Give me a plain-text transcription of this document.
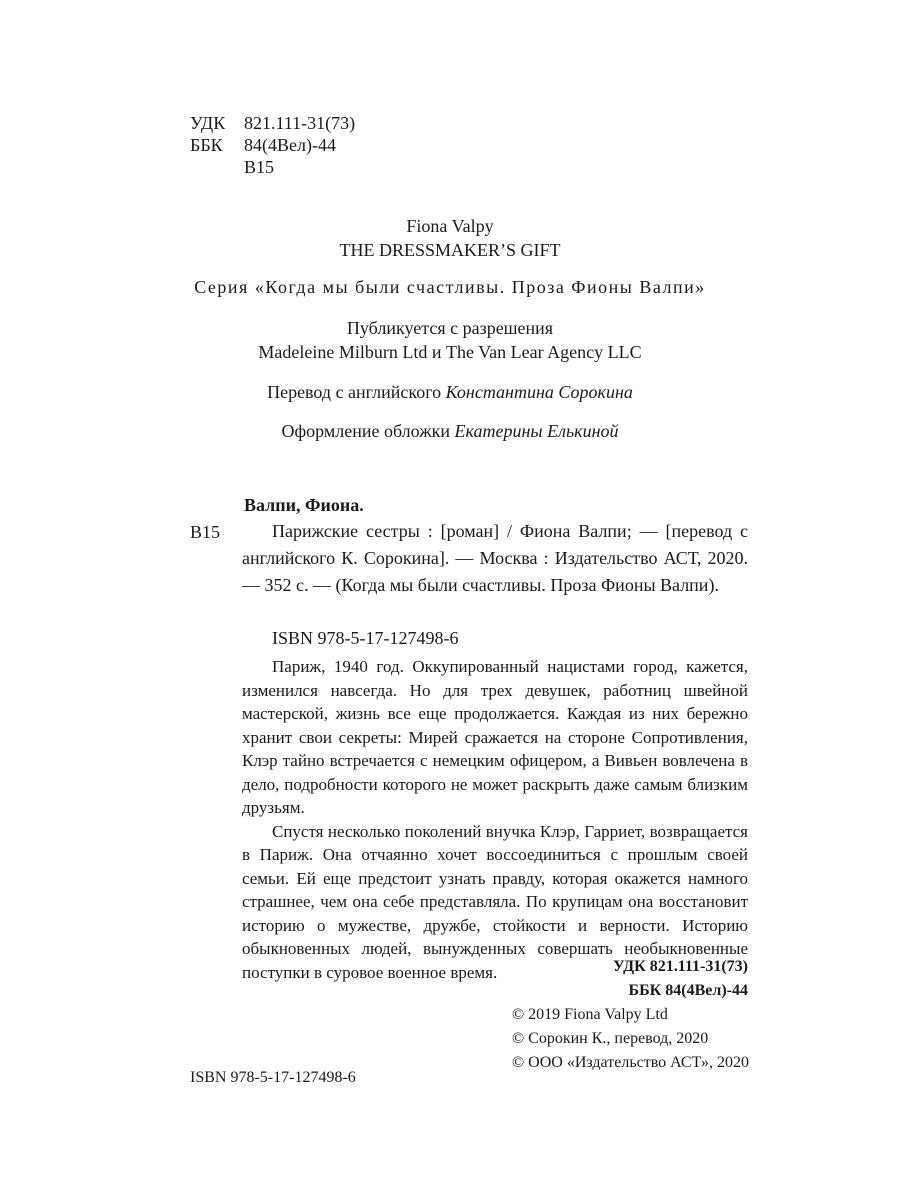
УДК	821.111-31(73)
ББК	84(4Вел)-44
В15
Fiona Valpy
THE DRESSMAKER’S GIFT
Серия «Когда мы были счастливы. Проза Фионы Валпи»
Публикуется с разрешения
Madeleine Milburn Ltd и The Van Lear Agency LLC
Перевод с английского Константина Сорокина
Оформление обложки Екатерины Елькиной
Валпи, Фиона.
В15	Парижские сестры : [роман] / Фиона Валпи; — [перевод с английского К. Сорокина]. — Москва : Издательство АСТ, 2020. — 352 с. — (Когда мы были счастливы. Проза Фионы Валпи).
ISBN 978-5-17-127498-6

Париж, 1940 год. Оккупированный нацистами город, кажется, изменился навсегда. Но для трех девушек, работниц швейной мастерской, жизнь все еще продолжается. Каждая из них бережно хранит свои секреты: Мирей сражается на стороне Сопротивления, Клэр тайно встречается с немецким офицером, а Вивьен вовлечена в дело, подробности которого не может раскрыть даже самым близким друзьям.

Спустя несколько поколений внучка Клэр, Гарриет, возвращается в Париж. Она отчаянно хочет воссоединиться с прошлым своей семьи. Ей еще предстоит узнать правду, которая окажется намного страшнее, чем она себе представляла. По крупицам она восстановит историю о мужестве, дружбе, стойкости и верности. Историю обыкновенных людей, вынужденных совершать необыкновенные поступки в суровое военное время.	УДК 821.111-31(73)
ББК 84(4Вел)-44
ISBN 978-5-17-127498-6
© 2019 Fiona Valpy Ltd
© Сорокин К., перевод, 2020
© ООО «Издательство АСТ», 2020
